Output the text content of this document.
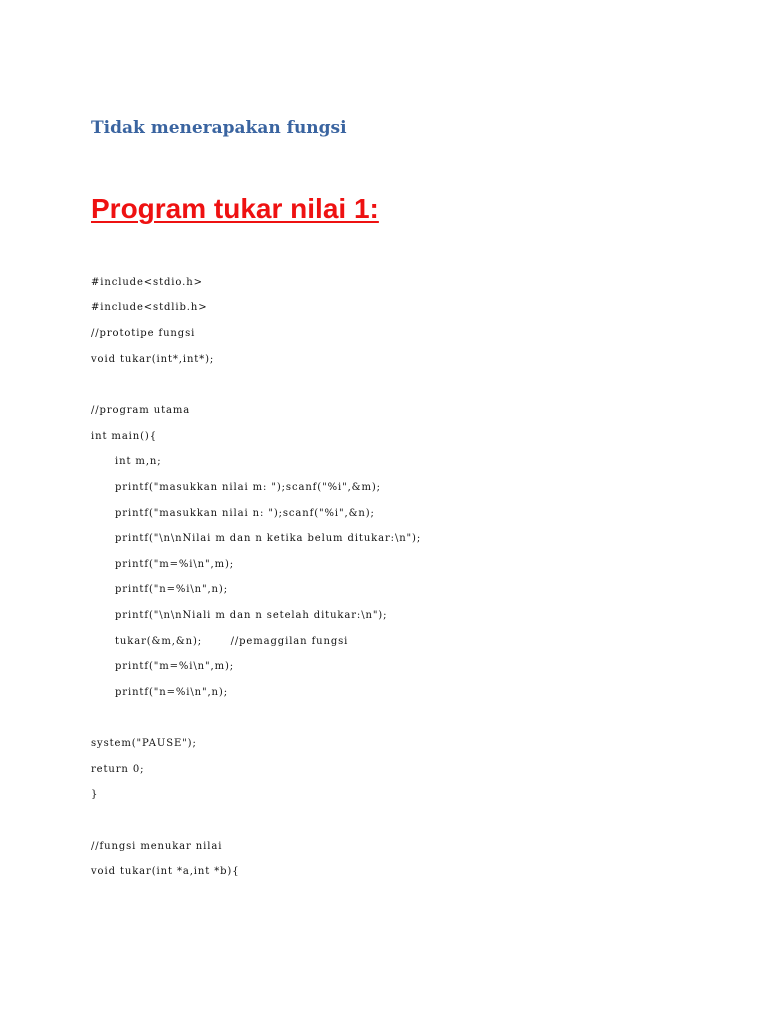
Tidak menerapakan fungsi
Program tukar nilai 1:

#include<stdio.h>

#include<stdlib.h>

//prototipe fungsi

void tukar(int*,int*);

//program utama

int main(){

int m,n;

printf("masukkan nilai m: ");scanf("%i",&m);

printf("masukkan nilai n: ");scanf("%i",&n);

printf("\n\nNilai m dan n ketika belum ditukar:\n");

printf("m=%i\n",m);

printf("n=%i\n",n);

printf("\n\nNiali m dan n setelah ditukar:\n");

tukar(&m,&n);       //pemaggilan fungsi

printf("m=%i\n",m);

printf("n=%i\n",n);

system("PAUSE");

return 0;

}

//fungsi menukar nilai

void tukar(int *a,int *b){
